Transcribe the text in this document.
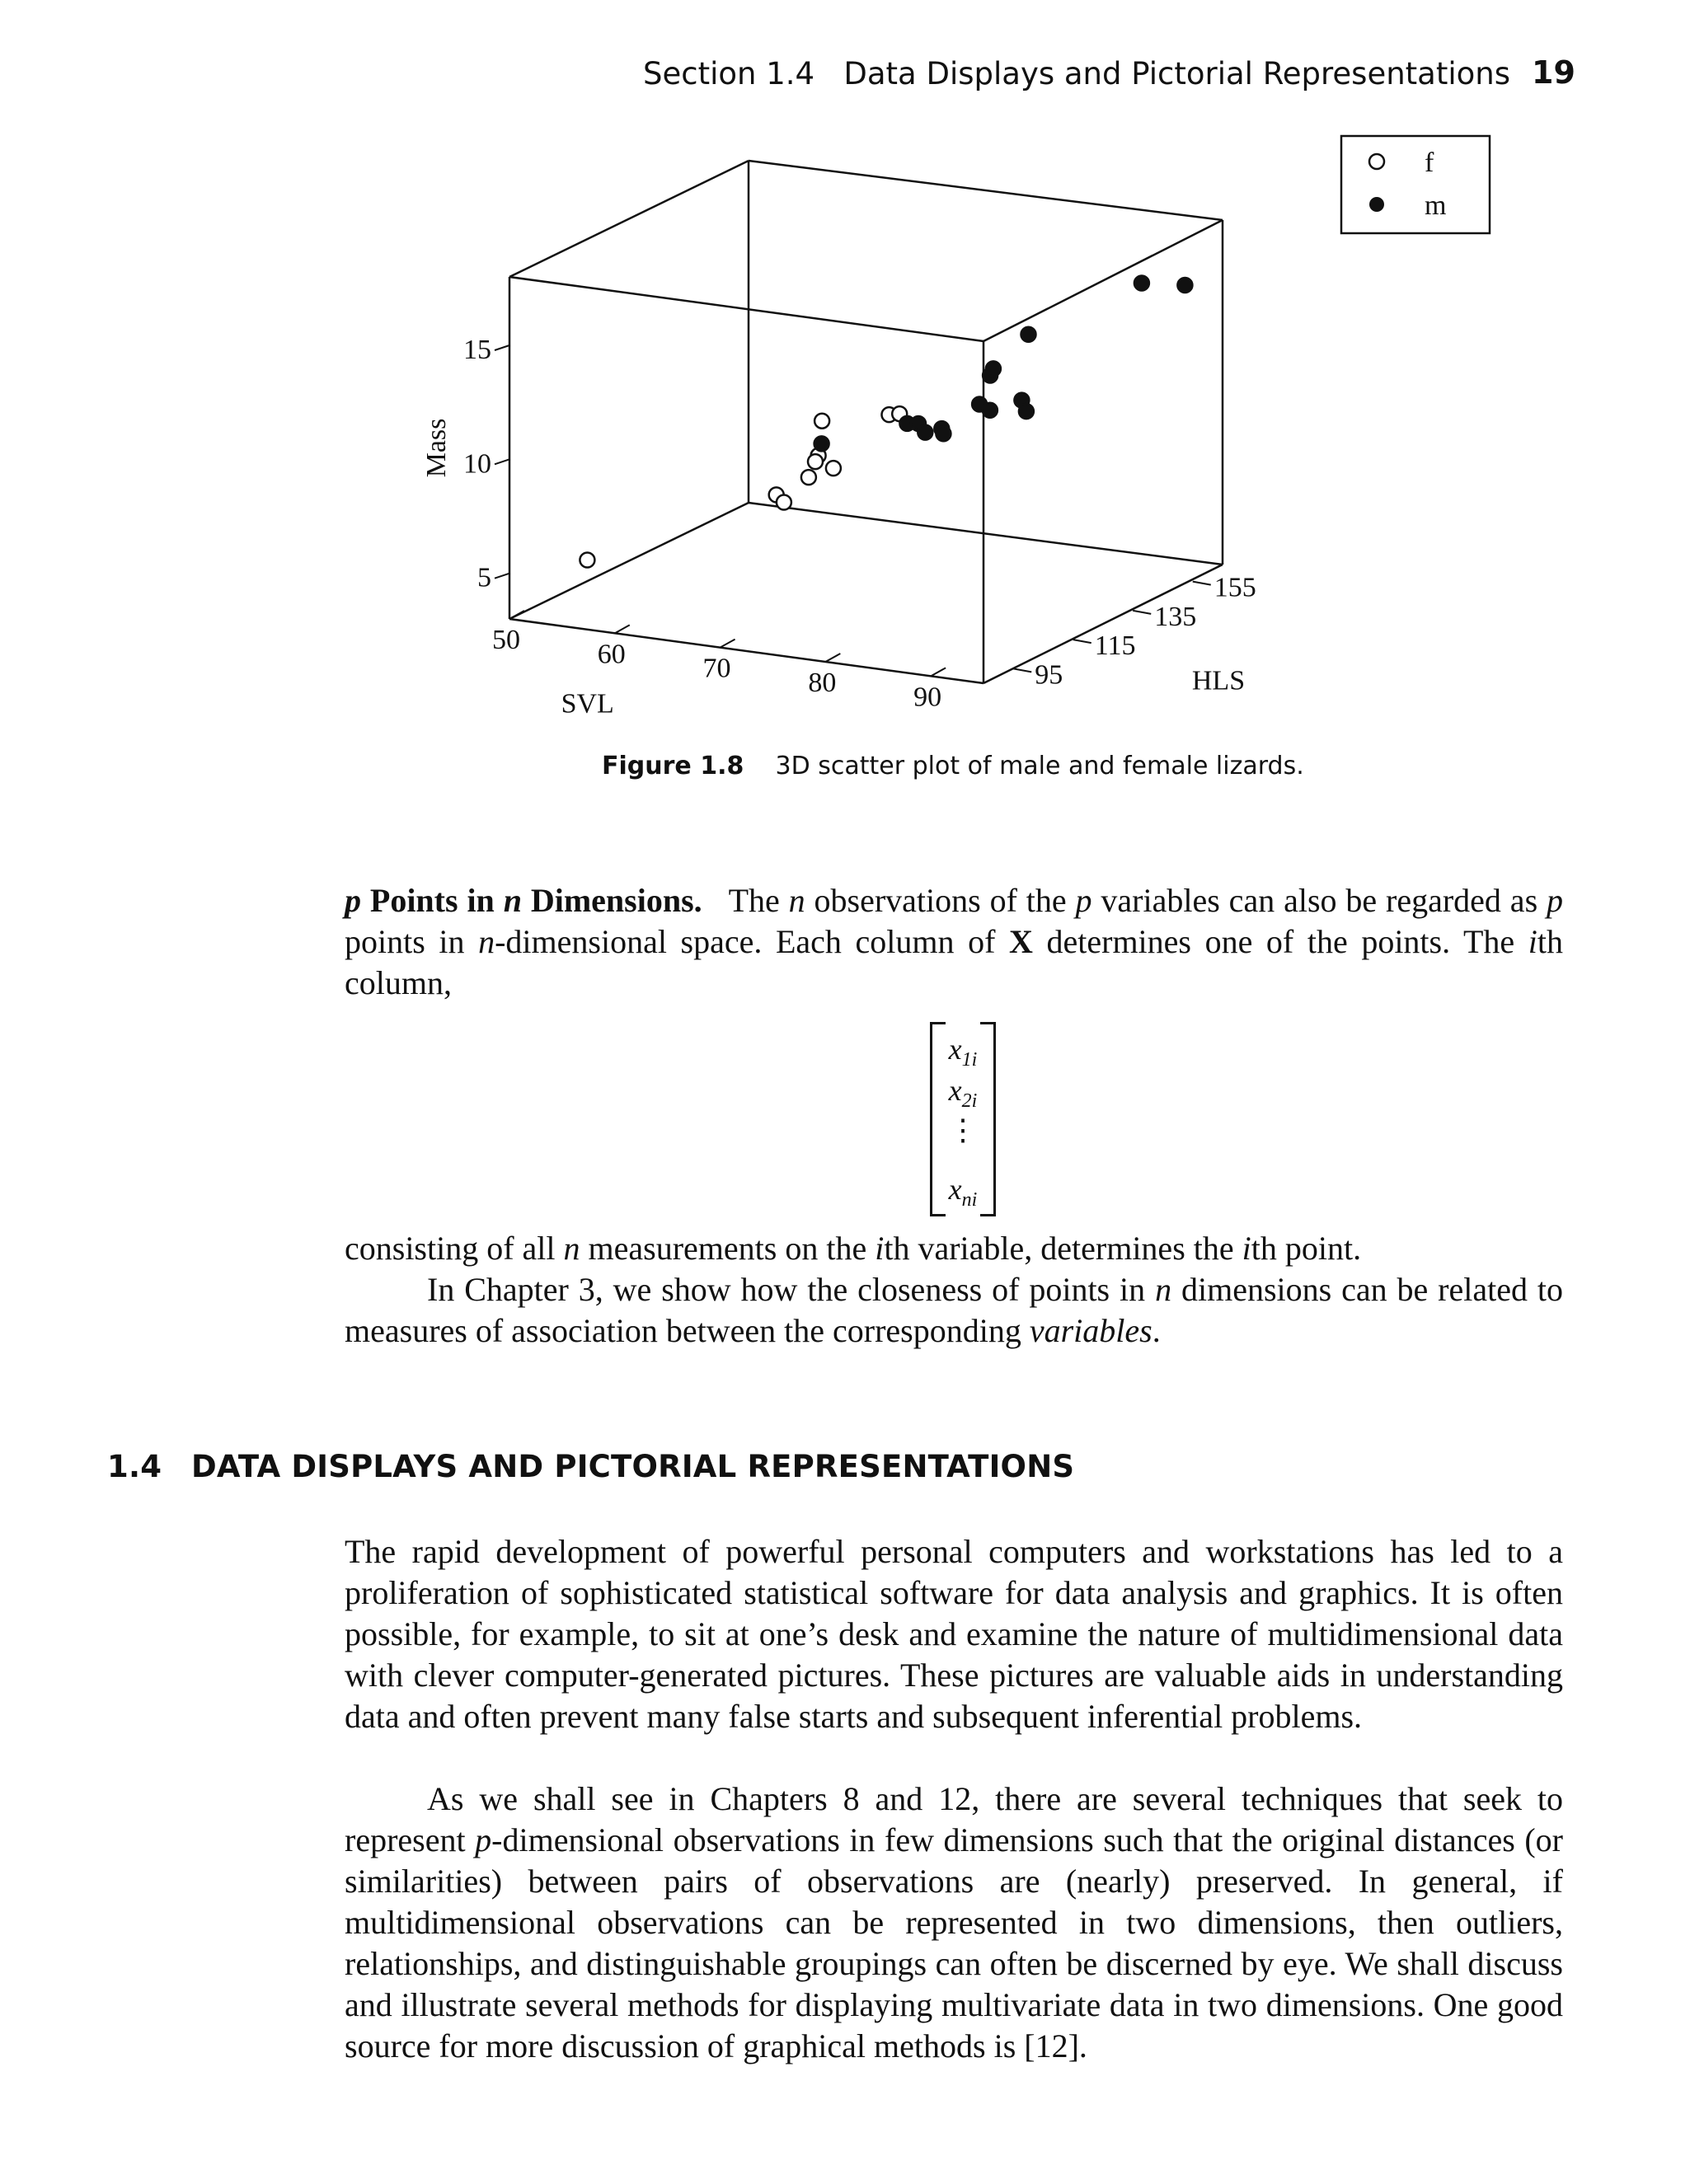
Section 1.4   Data Displays and Pictorial Representations 19
f
m
50	60	70	80	90
95
115
135
155
5
10
15
SVL
HLS
Mass
Figure 1.8 3D scatter plot of male and female lizards.

p Points in n Dimensions.   The n observations of the p variables can also be regarded as p points in n-dimensional space. Each column of X determines one of the points. The ith column,

$x_{1i}$
$x_{2i}$
⋮
$x_{ni}$

consisting of all n measurements on the ith variable, determines the ith point.

In Chapter 3, we show how the closeness of points in n dimensions can be related to measures of association between the corresponding variables.

1.4 DATA DISPLAYS AND PICTORIAL REPRESENTATIONS

The rapid development of powerful personal computers and workstations has led to a proliferation of sophisticated statistical software for data analysis and graphics. It is often possible, for example, to sit at one’s desk and examine the nature of multidimensional data with clever computer-generated pictures. These pictures are valuable aids in understanding data and often prevent many false starts and subsequent inferential problems.

As we shall see in Chapters 8 and 12, there are several techniques that seek to represent p-dimensional observations in few dimensions such that the original distances (or similarities) between pairs of observations are (nearly) preserved. In general, if multidimensional observations can be represented in two dimensions, then outliers, relationships, and distinguishable groupings can often be discerned by eye. We shall discuss and illustrate several methods for displaying multivariate data in two dimensions. One good source for more discussion of graphical methods is [12].
